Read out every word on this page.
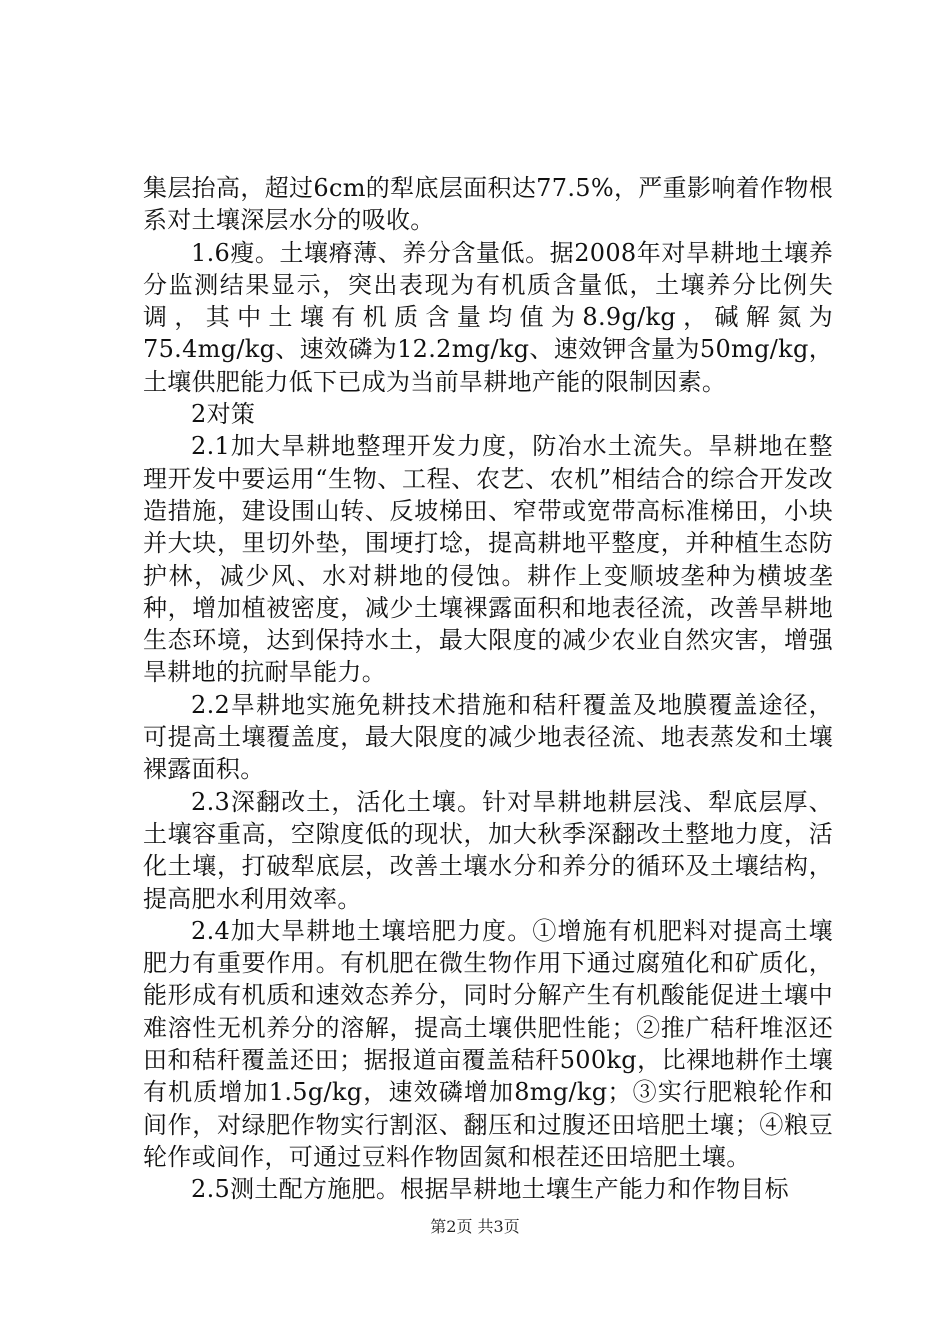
集层抬高，超过6cm的犁底层面积达77.5%，严重影响着作物根系对土壤深层水分的吸收。

1.6瘦。土壤瘠薄、养分含量低。据2008年对旱耕地土壤养分监测结果显示，突出表现为有机质含量低，土壤养分比例失调，其中土壤有机质含量均值为8.9g/kg，碱解氮为75.4mg/kg、速效磷为12.2mg/kg、速效钾含量为50mg/kg，土壤供肥能力低下已成为当前旱耕地产能的限制因素。

2对策

2.1加大旱耕地整理开发力度，防冶水土流失。旱耕地在整理开发中要运用“生物、工程、农艺、农机”相结合的综合开发改造措施，建设围山转、反坡梯田、窄带或宽带高标准梯田，小块并大块，里切外垫，围埂打埝，提高耕地平整度，并种植生态防护林，减少风、水对耕地的侵蚀。耕作上变顺坡垄种为横坡垄种，增加植被密度，减少土壤裸露面积和地表径流，改善旱耕地生态环境，达到保持水土，最大限度的减少农业自然灾害，增强旱耕地的抗耐旱能力。

2.2旱耕地实施免耕技术措施和秸秆覆盖及地膜覆盖途径，可提高土壤覆盖度，最大限度的减少地表径流、地表蒸发和土壤裸露面积。

2.3深翻改土，活化土壤。针对旱耕地耕层浅、犁底层厚、土壤容重高，空隙度低的现状，加大秋季深翻改土整地力度，活化土壤，打破犁底层，改善土壤水分和养分的循环及土壤结构，提高肥水利用效率。

2.4加大旱耕地土壤培肥力度。①增施有机肥料对提高土壤肥力有重要作用。有机肥在微生物作用下通过腐殖化和矿质化，能形成有机质和速效态养分，同时分解产生有机酸能促进土壤中难溶性无机养分的溶解，提高土壤供肥性能；②推广秸秆堆沤还田和秸秆覆盖还田；据报道亩覆盖秸秆500kg，比裸地耕作土壤有机质增加1.5g/kg，速效磷增加8mg/kg；③实行肥粮轮作和间作，对绿肥作物实行割沤、翻压和过腹还田培肥土壤；④粮豆轮作或间作，可通过豆料作物固氮和根茬还田培肥土壤。

2.5测土配方施肥。根据旱耕地土壤生产能力和作物目标

第2页 共3页
